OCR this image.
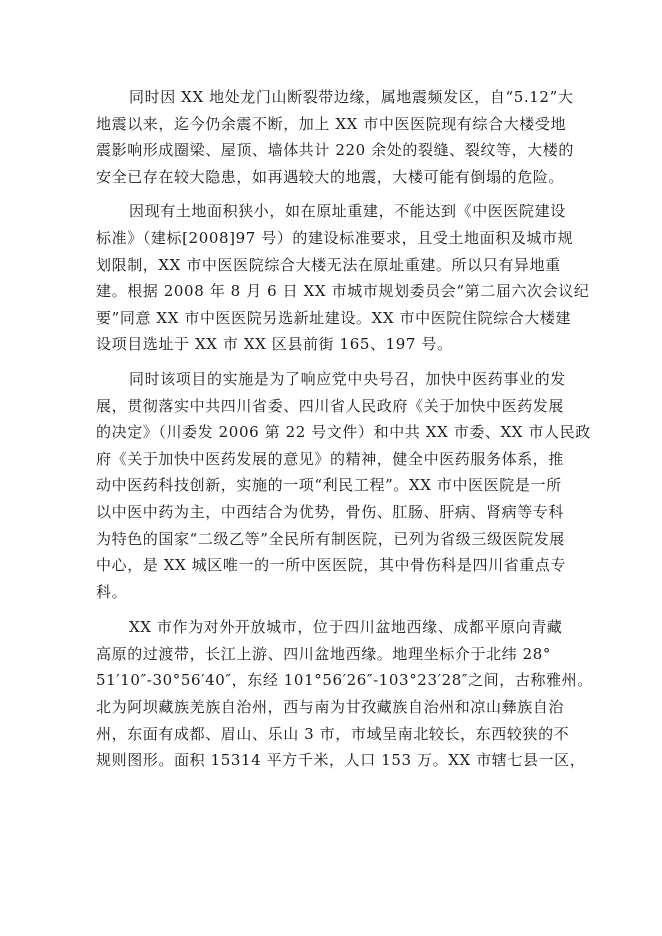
同时因 XX 地处龙门山断裂带边缘，属地震频发区，自“5.12”大
地震以来，迄今仍余震不断，加上 XX 市中医医院现有综合大楼受地
震影响形成圈梁、屋顶、墙体共计 220 余处的裂缝、裂纹等，大楼的
安全已存在较大隐患，如再遇较大的地震，大楼可能有倒塌的危险。

因现有土地面积狭小，如在原址重建，不能达到《中医医院建设
标准》（建标[2008]97 号）的建设标准要求，且受土地面积及城市规
划限制，XX 市中医医院综合大楼无法在原址重建。所以只有异地重
建。根据 2008 年 8 月 6 日 XX 市城市规划委员会“第二届六次会议纪
要”同意 XX 市中医医院另选新址建设。XX 市中医院住院综合大楼建
设项目选址于 XX 市 XX 区县前街 165、197 号。

同时该项目的实施是为了响应党中央号召，加快中医药事业的发
展，贯彻落实中共四川省委、四川省人民政府《关于加快中医药发展
的决定》（川委发 2006 第 22 号文件）和中共 XX 市委、XX 市人民政
府《关于加快中医药发展的意见》的精神，健全中医药服务体系，推
动中医药科技创新，实施的一项“利民工程”。XX 市中医医院是一所
以中医中药为主，中西结合为优势，骨伤、肛肠、肝病、肾病等专科
为特色的国家“二级乙等”全民所有制医院，已列为省级三级医院发展
中心，是 XX 城区唯一的一所中医医院，其中骨伤科是四川省重点专
科。

XX 市作为对外开放城市，位于四川盆地西缘、成都平原向青藏
高原的过渡带，长江上游、四川盆地西缘。地理坐标介于北纬 28°
51′10″-30°56′40″，东经 101°56′26″-103°23′28″之间，古称雅州。
北为阿坝藏族羌族自治州，西与南为甘孜藏族自治州和凉山彝族自治
州，东面有成都、眉山、乐山 3 市，市域呈南北较长，东西较狭的不
规则图形。面积 15314 平方千米，人口 153 万。XX 市辖七县一区，
